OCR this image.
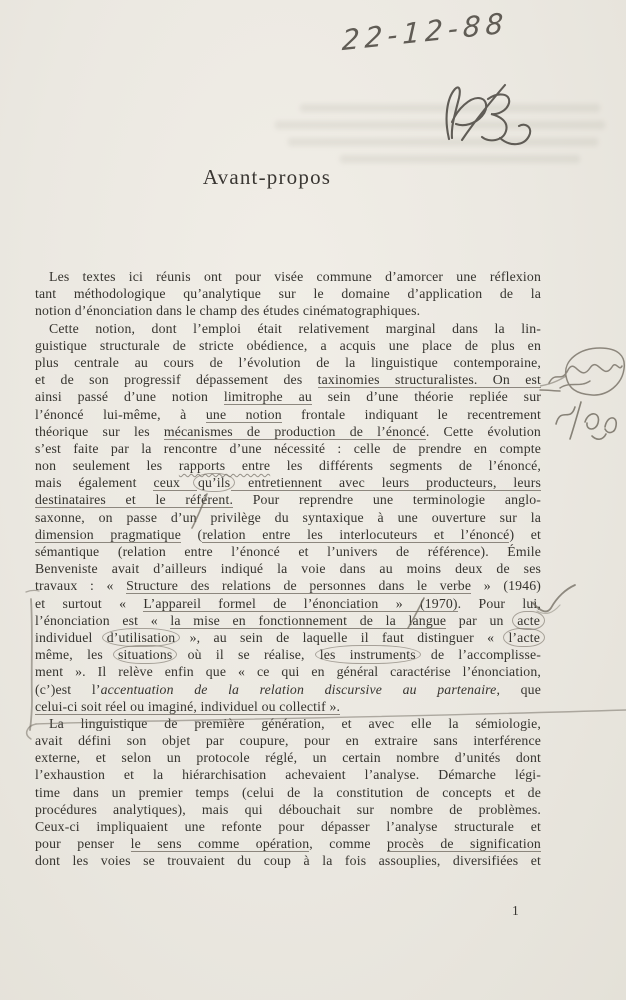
22-12-88
Avant-propos
Les textes ici réunis ont pour visée commune d’amorcer une réflexion
tant méthodologique qu’analytique sur le domaine d’application de la
notion d’énonciation dans le champ des études cinématographiques.
Cette notion, dont l’emploi était relativement marginal dans la lin-
guistique structurale de stricte obédience, a acquis une place de plus en
plus centrale au cours de l’évolution de la linguistique contemporaine,
et de son progressif dépassement des taxinomies structuralistes. On est
ainsi passé d’une notion limitrophe au sein d’une théorie repliée sur
l’énoncé lui-même, à une notion frontale indiquant le recentrement
théorique sur les mécanismes de production de l’énoncé. Cette évolution
s’est faite par la rencontre d’une nécessité : celle de prendre en compte
non seulement les rapports entre les différents segments de l’énoncé,
mais également ceux qu’ils entretiennent avec leurs producteurs, leurs
destinataires et le référent. Pour reprendre une terminologie anglo-
saxonne, on passe d’un privilège du syntaxique à une ouverture sur la
dimension pragmatique (relation entre les interlocuteurs et l’énoncé) et
sémantique (relation entre l’énoncé et l’univers de référence). Émile
Benveniste avait d’ailleurs indiqué la voie dans au moins deux de ses
travaux : « Structure des relations de personnes dans le verbe » (1946)
et surtout « L’appareil formel de l’énonciation » (1970). Pour lui,
l’énonciation est « la mise en fonctionnement de la langue par un acte
individuel d’utilisation », au sein de laquelle il faut distinguer « l’acte
même, les situations où il se réalise, les instruments de l’accomplisse-
ment ». Il relève enfin que « ce qui en général caractérise l’énonciation,
(c’)est l’accentuation de la relation discursive au partenaire, que
celui-ci soit réel ou imaginé, individuel ou collectif ».
La linguistique de première génération, et avec elle la sémiologie,
avait défini son objet par coupure, pour en extraire sans interférence
externe, et selon un protocole réglé, un certain nombre d’unités dont
l’exhaustion et la hiérarchisation achevaient l’analyse. Démarche légi-
time dans un premier temps (celui de la constitution de concepts et de
procédures analytiques), mais qui débouchait sur nombre de problèmes.
Ceux-ci impliquaient une refonte pour dépasser l’analyse structurale et
pour penser le sens comme opération, comme procès de signification
dont les voies se trouvaient du coup à la fois assouplies, diversifiées et
1
